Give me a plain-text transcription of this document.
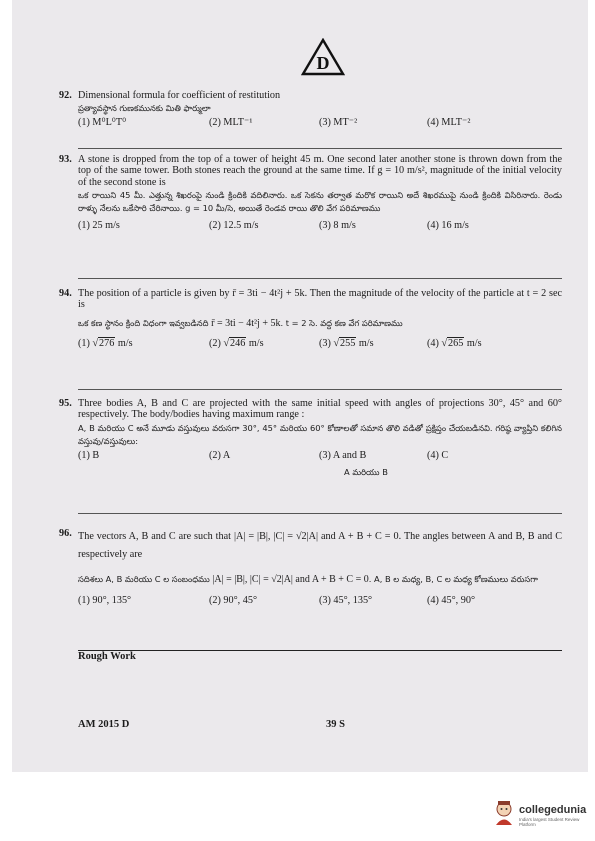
D
92. Dimensional formula for coefficient of restitution
ప్రత్యావస్థాన గుణకమునకు మితి ఫార్ములా
(1) M⁰L⁰T⁰	(2) MLT⁻¹	(3) MT⁻²	(4) MLT⁻²
93. A stone is dropped from the top of a tower of height 45 m. One second later another stone is thrown down from the top of the same tower. Both stones reach the ground at the same time. If g = 10 m/s², magnitude of the initial velocity of the second stone is
ఒక రాయిని 45 మీ. ఎత్తున్న శిఖరంపై నుండి క్రిందికి వదిలినారు. ఒక సెకను తర్వాత మరొక రాయిని అదే శిఖరముపై నుండి క్రిందికి విసిరినారు. రెండు రాళ్ళు నేలను ఒకేసారి చేరినాయి. g = 10 మీ/సె, అయితే రెండవ రాయి తొలి వేగ పరిమాణము
(1) 25 m/s	(2) 12.5 m/s	(3) 8 m/s	(4) 16 m/s
94. The position of a particle is given by r̄ = 3ti − 4t²j + 5k. Then the magnitude of the velocity of the particle at t = 2 sec is
ఒక కణ స్థానం క్రింది విధంగా ఇవ్వబడినది r̄ = 3ti − 4t²j + 5k. t = 2 సె. వద్ద కణ వేగ పరిమాణము
(1) √276 m/s	(2) √246 m/s	(3) √255 m/s	(4) √265 m/s
95. Three bodies A, B and C are projected with the same initial speed with angles of projections 30°, 45° and 60° respectively. The body/bodies having maximum range :
A, B మరియు C అనే మూడు వస్తువులు వరుసగా 30°, 45° మరియు 60° కోణాలతో సమాన తొలి వడితో ప్రక్షిప్తం చేయబడినవి. గరిష్ఠ వ్యాప్తిని కలిగిన వస్తువు/వస్తువులు:
(1) B	(2) A	(3) A and B	(4) C
A మరియు B
96. The vectors A, B and C are such that |A| = |B|, |C| = √2|A| and A + B + C = 0. The angles between A and B, B and C respectively are
సదిశలు A, B మరియు C ల సంబంధము |A| = |B|, |C| = √2|A| and A + B + C = 0. A, B ల మధ్య, B, C ల మధ్య కోణములు వరుసగా
(1) 90°, 135°	(2) 90°, 45°	(3) 45°, 135°	(4) 45°, 90°
Rough Work
AM 2015 D	39 S
collegedunia
India's largest Student Review Platform
